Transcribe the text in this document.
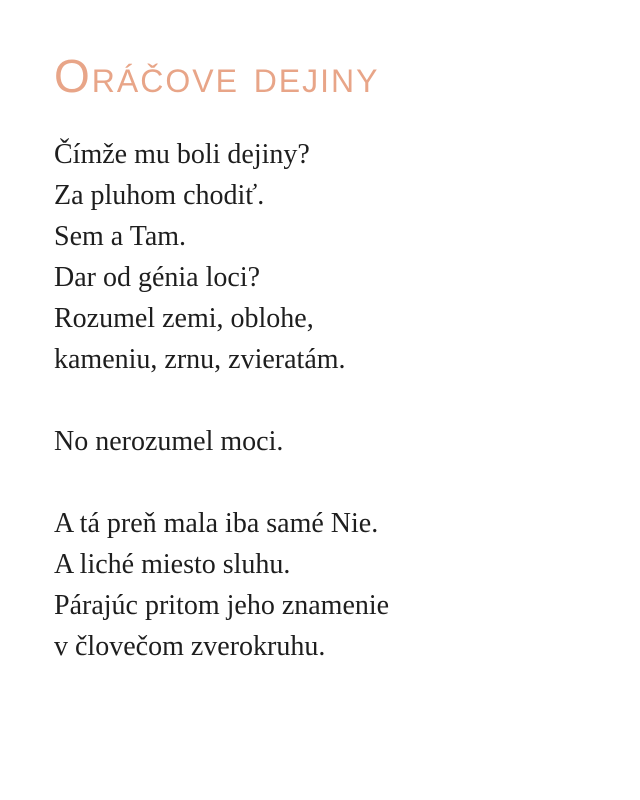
Oráčove dejiny
Čímže mu boli dejiny?
Za pluhom chodiť.
Sem a Tam.
Dar od génia loci?
Rozumel zemi, oblohe,
kameniu, zrnu, zvieratám.
No nerozumel moci.
A tá preň mala iba samé Nie.
A liché miesto sluhu.
Párajúc pritom jeho znamenie
v človečom zverokruhu.
